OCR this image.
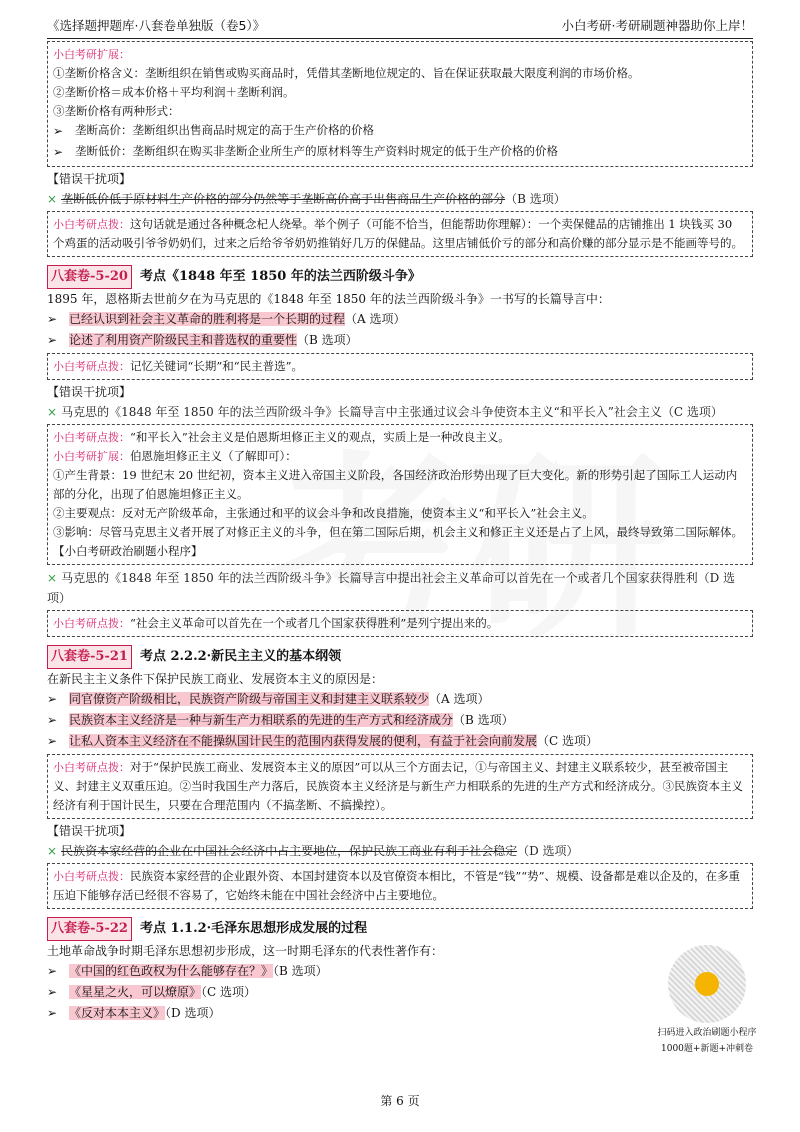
《选择题押题库·八套卷单独版（卷5）》	小白考研·考研刷题神器助你上岸！
小白考研扩展：
①垄断价格含义：垄断组织在销售或购买商品时，凭借其垄断地位规定的、旨在保证获取最大限度利润的市场价格。
②垄断价格＝成本价格＋平均利润＋垄断利润。
③垄断价格有两种形式：
➢	垄断高价：垄断组织出售商品时规定的高于生产价格的价格
➢	垄断低价：垄断组织在购买非垄断企业所生产的原材料等生产资料时规定的低于生产价格的价格
【错误干扰项】
× 垄断低价低于原材料生产价格的部分仍然等于垄断高价高于出售商品生产价格的部分（B 选项）
小白考研点拨：这句话就是通过各种概念杞人绕晕。举个例子（可能不恰当，但能帮助你理解）：一个卖保健品的店铺推出 1 块钱买 30 个鸡蛋的活动吸引爷爷奶奶们，过来之后给爷爷奶奶推销好几万的保健品。这里店铺低价亏的部分和高价赚的部分显示是不能画等号的。
八套卷-5-20 考点《1848 年至 1850 年的法兰西阶级斗争》
1895 年，恩格斯去世前夕在为马克思的《1848 年至 1850 年的法兰西阶级斗争》一书写的长篇导言中：
➢ 已经认识到社会主义革命的胜利将是一个长期的过程（A 选项）
➢ 论述了利用资产阶级民主和普选权的重要性（B 选项）
小白考研点拨：记忆关键词“长期”和“民主普选”。
【错误干扰项】
× 马克思的《1848 年至 1850 年的法兰西阶级斗争》长篇导言中主张通过议会斗争使资本主义“和平长入”社会主义（C 选项）
小白考研点拨：“和平长入”社会主义是伯恩斯坦修正主义的观点，实质上是一种改良主义。
小白考研扩展：伯恩施坦修正主义（了解即可）：
①产生背景：19 世纪末 20 世纪初，资本主义进入帝国主义阶段，各国经济政治形势出现了巨大变化。新的形势引起了国际工人运动内部的分化，出现了伯恩施坦修正主义。
②主要观点：反对无产阶级革命，主张通过和平的议会斗争和改良措施，使资本主义“和平长入”社会主义。
③影响：尽管马克思主义者开展了对修正主义的斗争，但在第二国际后期，机会主义和修正主义还是占了上风，最终导致第二国际解体。【小白考研政治刷题小程序】
× 马克思的《1848 年至 1850 年的法兰西阶级斗争》长篇导言中提出社会主义革命可以首先在一个或者几个国家获得胜利（D 选项）
小白考研点拨：“社会主义革命可以首先在一个或者几个国家获得胜利”是列宁提出来的。
八套卷-5-21 考点 2.2.2·新民主主义的基本纲领
在新民主主义条件下保护民族工商业、发展资本主义的原因是：
➢ 同官僚资产阶级相比，民族资产阶级与帝国主义和封建主义联系较少（A 选项）
➢ 民族资本主义经济是一种与新生产力相联系的先进的生产方式和经济成分（B 选项）
➢ 让私人资本主义经济在不能操纵国计民生的范围内获得发展的便利，有益于社会向前发展（C 选项）
小白考研点拨：对于“保护民族工商业、发展资本主义的原因”可以从三个方面去记，①与帝国主义、封建主义联系较少，甚至被帝国主义、封建主义双重压迫。②当时我国生产力落后，民族资本主义经济是与新生产力相联系的先进的生产方式和经济成分。③民族资本主义经济有利于国计民生，只要在合理范围内（不搞垄断、不搞操控）。
【错误干扰项】
× 民族资本家经营的企业在中国社会经济中占主要地位，保护民族工商业有利于社会稳定（D 选项）
小白考研点拨：民族资本家经营的企业跟外资、本国封建资本以及官僚资本相比，不管是“钱”“势”、规模、设备都是难以企及的，在多重压迫下能够存活已经很不容易了，它始终未能在中国社会经济中占主要地位。
八套卷-5-22 考点 1.1.2·毛泽东思想形成发展的过程
土地革命战争时期毛泽东思想初步形成，这一时期毛泽东的代表性著作有：
➢ 《中国的红色政权为什么能够存在？》（B 选项）
➢ 《星星之火，可以燎原》（C 选项）
➢ 《反对本本主义》（D 选项）
扫码进入政治刷题小程序
1000题+新题+冲刺卷
第 6 页
